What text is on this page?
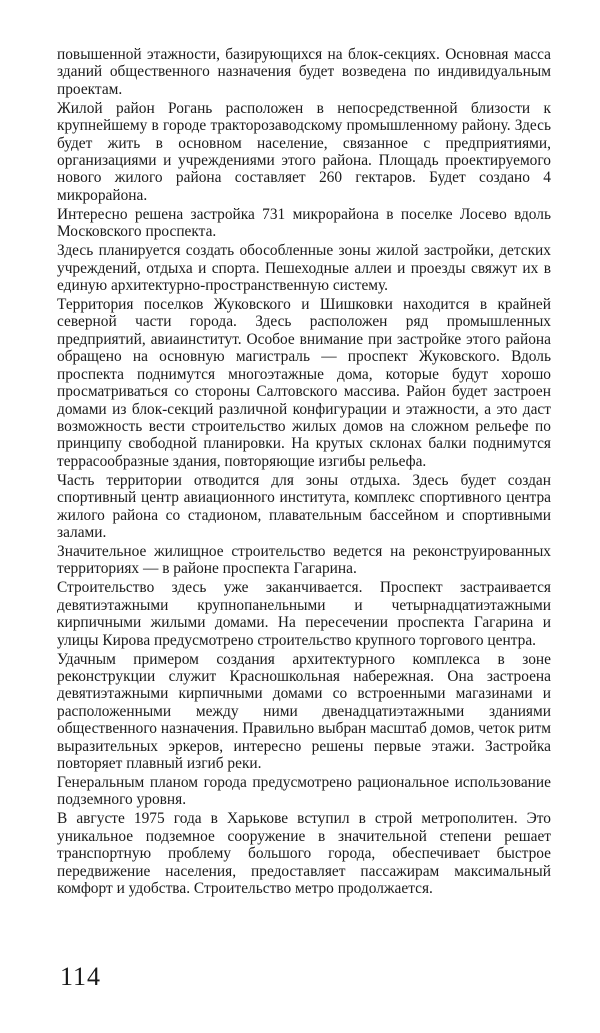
повышенной этажности, базирующихся на блок-секциях. Основная масса зданий общественного назначения будет возведена по индивидуальным проектам.

Жилой район Рогань расположен в непосредственной близости к крупнейшему в городе тракторозаводскому промышленному району. Здесь будет жить в основном население, связанное с предприятиями, организациями и учреждениями этого района. Площадь проектируемого нового жилого района составляет 260 гектаров. Будет создано 4 микрорайона.

Интересно решена застройка 731 микрорайона в поселке Лосево вдоль Московского проспекта.

Здесь планируется создать обособленные зоны жилой застройки, детских учреждений, отдыха и спорта. Пешеходные аллеи и проезды свяжут их в единую архитектурно-пространственную систему.

Территория поселков Жуковского и Шишковки находится в крайней северной части города. Здесь расположен ряд промышленных предприятий, авиаинститут. Особое внимание при застройке этого района обращено на основную магистраль — проспект Жуковского. Вдоль проспекта поднимутся многоэтажные дома, которые будут хорошо просматриваться со стороны Салтовского массива. Район будет застроен домами из блок-секций различной конфигурации и этажности, а это даст возможность вести строительство жилых домов на сложном рельефе по принципу свободной планировки. На крутых склонах балки поднимутся террасообразные здания, повторяющие изгибы рельефа.

Часть территории отводится для зоны отдыха. Здесь будет создан спортивный центр авиационного института, комплекс спортивного центра жилого района со стадионом, плавательным бассейном и спортивными залами.

Значительное жилищное строительство ведется на реконструированных территориях — в районе проспекта Гагарина.

Строительство здесь уже заканчивается. Проспект застраивается девятиэтажными крупнопанельными и четырнадцатиэтажными кирпичными жилыми домами. На пересечении проспекта Гагарина и улицы Кирова предусмотрено строительство крупного торгового центра.

Удачным примером создания архитектурного комплекса в зоне реконструкции служит Красношкольная набережная. Она застроена девятиэтажными кирпичными домами со встроенными магазинами и расположенными между ними двенадцатиэтажными зданиями общественного назначения. Правильно выбран масштаб домов, четок ритм выразительных эркеров, интересно решены первые этажи. Застройка повторяет плавный изгиб реки.

Генеральным планом города предусмотрено рациональное использование подземного уровня.

В августе 1975 года в Харькове вступил в строй метрополитен. Это уникальное подземное сооружение в значительной степени решает транспортную проблему большого города, обеспечивает быстрое передвижение населения, предоставляет пассажирам максимальный комфорт и удобства. Строительство метро продолжается.

114
